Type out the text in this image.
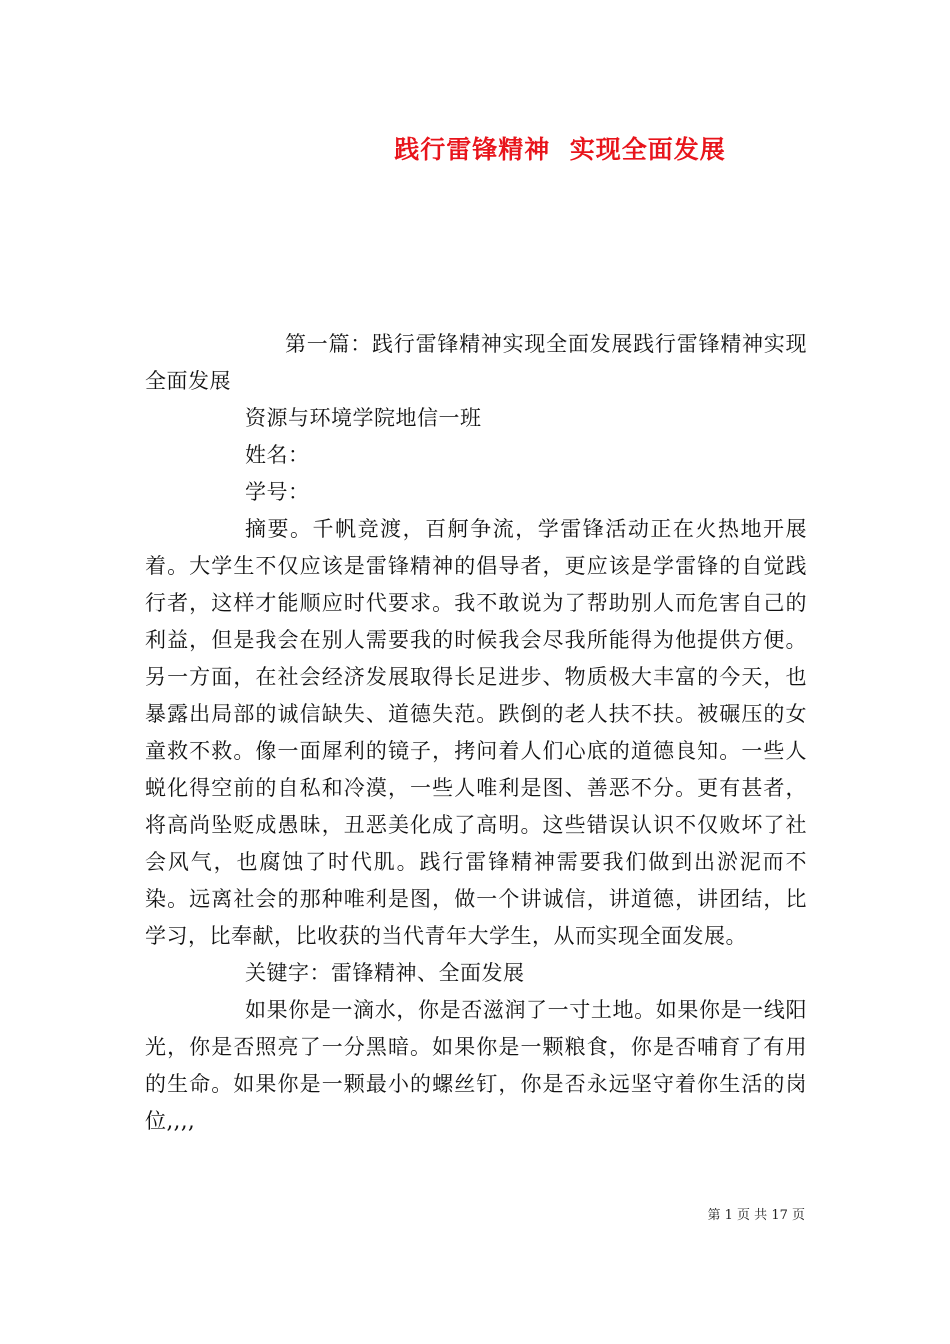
践行雷锋精神  实现全面发展

第一篇：践行雷锋精神实现全面发展践行雷锋精神实现全面发展

资源与环境学院地信一班

姓名：

学号：

摘要。千帆竞渡，百舸争流，学雷锋活动正在火热地开展着。大学生不仅应该是雷锋精神的倡导者，更应该是学雷锋的自觉践行者，这样才能顺应时代要求。我不敢说为了帮助别人而危害自己的利益，但是我会在别人需要我的时候我会尽我所能得为他提供方便。另一方面，在社会经济发展取得长足进步、物质极大丰富的今天，也暴露出局部的诚信缺失、道德失范。跌倒的老人扶不扶。被碾压的女童救不救。像一面犀利的镜子，拷问着人们心底的道德良知。一些人蜕化得空前的自私和冷漠，一些人唯利是图、善恶不分。更有甚者，将高尚坠贬成愚昧，丑恶美化成了高明。这些错误认识不仅败坏了社会风气，也腐蚀了时代肌。践行雷锋精神需要我们做到出淤泥而不染。远离社会的那种唯利是图，做一个讲诚信，讲道德，讲团结，比学习，比奉献，比收获的当代青年大学生，从而实现全面发展。

关键字：雷锋精神、全面发展

如果你是一滴水，你是否滋润了一寸土地。如果你是一线阳光，你是否照亮了一分黑暗。如果你是一颗粮食，你是否哺育了有用的生命。如果你是一颗最小的螺丝钉，你是否永远坚守着你生活的岗位,,,,

第 1 页 共 17 页
